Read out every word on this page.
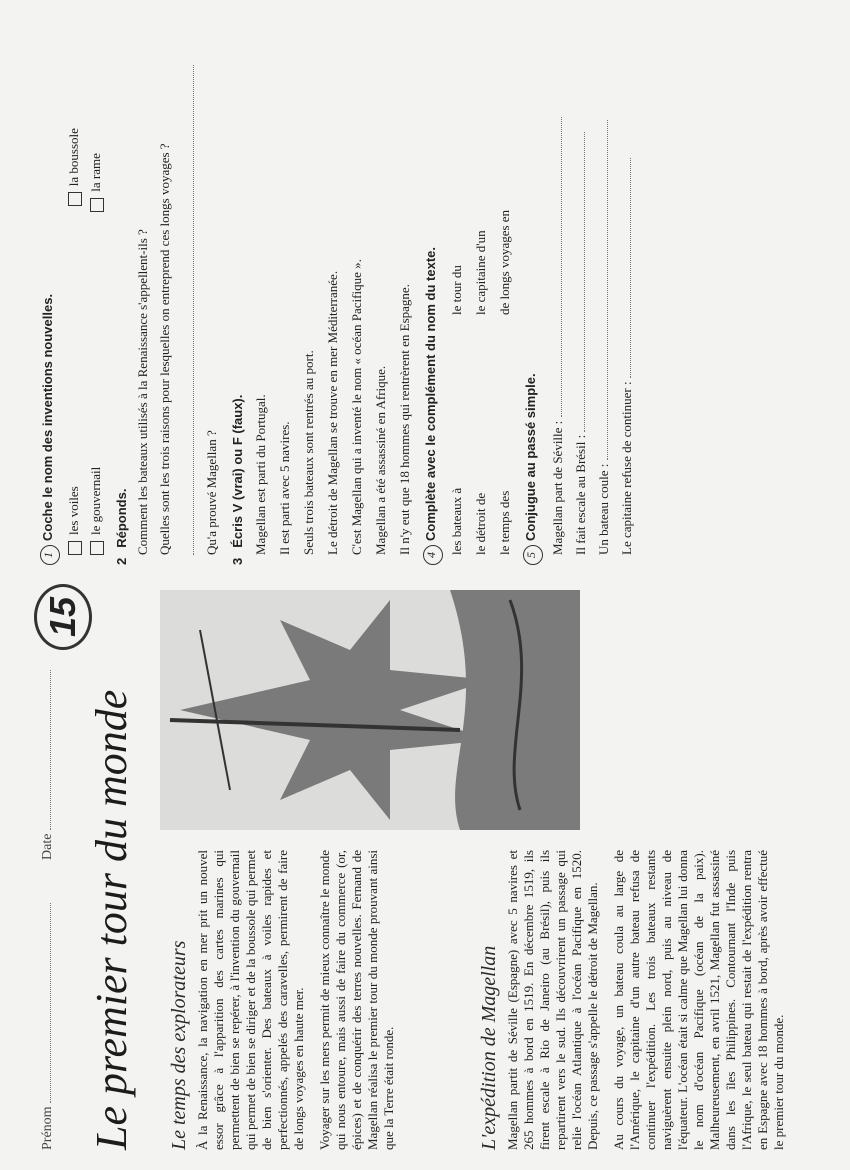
Prénom
Date
15
Le premier tour du monde Le temps des explorateurs À la Renaissance, la navigation en mer prit un nouvel essor grâce à l'apparition des cartes marines qui permettent de bien se repérer, à l'invention du gouvernail qui permet de bien se diriger et de la boussole qui permet de bien s'orienter. Des bateaux à voiles rapides et perfectionnés, appelés des caravelles, permirent de faire de longs voyages en haute mer. Voyager sur les mers permit de mieux connaître le monde qui nous entoure, mais aussi de faire du commerce (or, épices) et de conquérir des terres nouvelles. Fernand de Magellan réalisa le premier tour du monde prouvant ainsi que la Terre était ronde.	L'expédition de Magellan Magellan partit de Séville (Espagne) avec 5 navires et 265 hommes à bord en 1519. En décembre 1519, ils firent escale à Rio de Janeiro (au Brésil), puis ils repartirent vers le sud. Ils découvrirent un passage qui relie l'océan Atlantique à l'océan Pacifique en 1520. Depuis, ce passage s'appelle le détroit de Magellan. Au cours du voyage, un bateau coula au large de l'Amérique, le capitaine d'un autre bateau refusa de continuer l'expédition. Les trois bateaux restants naviguèrent ensuite plein nord, puis au niveau de l'équateur. L'océan était si calme que Magellan lui donna le nom d'océan Pacifique (océan de la paix). Malheureusement, en avril 1521, Magellan fut assassiné dans les îles Philippines. Contournant l'Inde puis l'Afrique, le seul bateau qui restait de l'expédition rentra en Espagne avec 18 hommes à bord, après avoir effectué le premier tour du monde.

1Coche le nom des inventions nouvelles. les voiles
la boussole
le gouvernail
la rame
2Réponds. Comment les bateaux utilisés à la Renaissance s'appellent-ils ? Quelles sont les trois raisons pour lesquelles on entreprend ces longs voyages ? Qu'a prouvé Magellan ?
3Écris V (vrai) ou F (faux). Magellan est parti du Portugal. Il est parti avec 5 navires. Seuls trois bateaux sont rentrés au port. Le détroit de Magellan se trouve en mer Méditerranée. C'est Magellan qui a inventé le nom « océan Pacifique ». Magellan a été assassiné en Afrique. Il n'y eut que 18 hommes qui rentrèrent en Espagne. 4Complète avec le complément du nom du texte. les bateaux à
le tour du
le détroit de
le capitaine d'un
le temps des
de longs voyages en
5Conjugue au passé simple. Magellan part de Séville : Il fait escale au Brésil : Un bateau coule : Le capitaine refuse de continuer :
